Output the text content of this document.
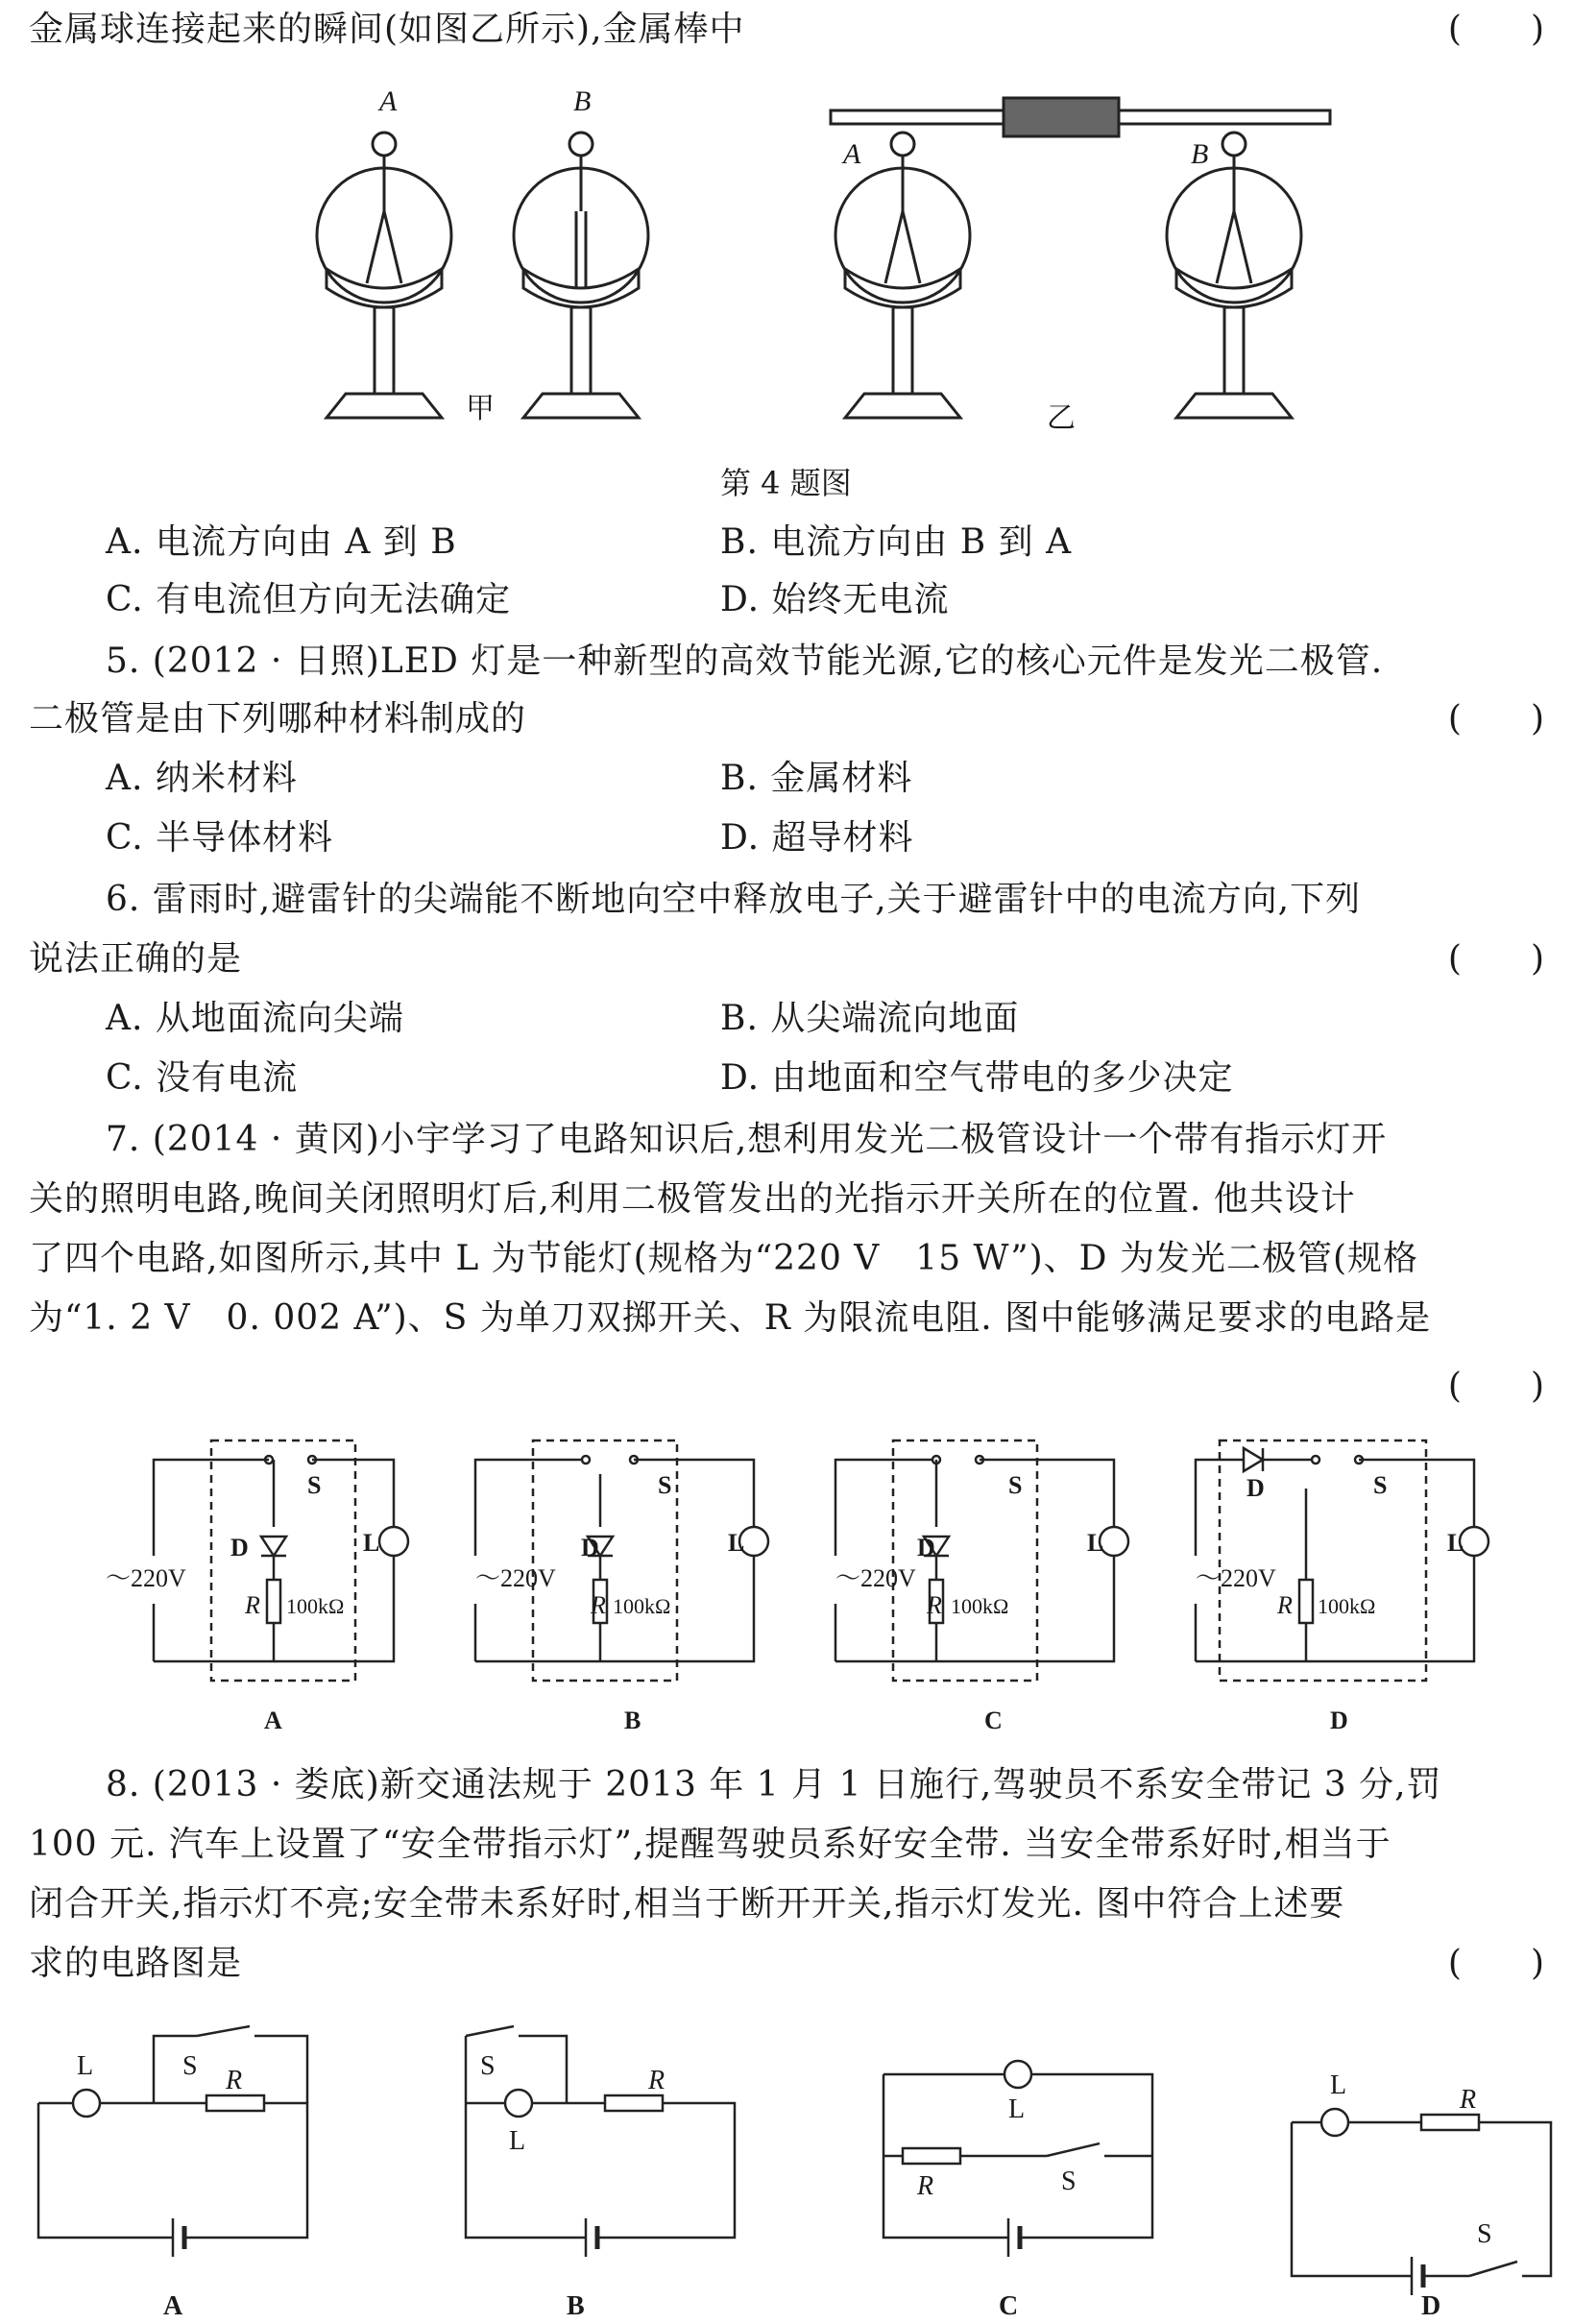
金属球连接起来的瞬间(如图乙所示),金属棒中	(　　)
A	B
A	B
甲	乙
第 4 题图
A. 电流方向由 A 到 B	B. 电流方向由 B 到 A
C. 有电流但方向无法确定	D. 始终无电流
5. (2012 · 日照)LED 灯是一种新型的高效节能光源,它的核心元件是发光二极管.
二极管是由下列哪种材料制成的	(　　)
A. 纳米材料	B. 金属材料
C. 半导体材料	D. 超导材料
6. 雷雨时,避雷针的尖端能不断地向空中释放电子,关于避雷针中的电流方向,下列
说法正确的是	(　　)
A. 从地面流向尖端	B. 从尖端流向地面
C. 没有电流	D. 由地面和空气带电的多少决定
7. (2014 · 黄冈)小宇学习了电路知识后,想利用发光二极管设计一个带有指示灯开
关的照明电路,晚间关闭照明灯后,利用二极管发出的光指示开关所在的位置. 他共设计
了四个电路,如图所示,其中 L 为节能灯(规格为“220 V　15 W”)、D 为发光二极管(规格
为“1. 2 V　0. 002 A”)、S 为单刀双掷开关、R 为限流电阻. 图中能够满足要求的电路是
(　　)
～220V
D
S
R 100kΩ
L
A
～220V
D
S
R 100kΩ
L
B
～220V
D
S
R 100kΩ
L
C
～220V
D	S
R 100kΩ
L
D
8. (2013 · 娄底)新交通法规于 2013 年 1 月 1 日施行,驾驶员不系安全带记 3 分,罚
100 元. 汽车上设置了“安全带指示灯”,提醒驾驶员系好安全带. 当安全带系好时,相当于
闭合开关,指示灯不亮;安全带未系好时,相当于断开开关,指示灯发光. 图中符合上述要
求的电路图是	(　　)
L	S R
A
S
L
R
B
L
R	S
C
L	R
S
D
